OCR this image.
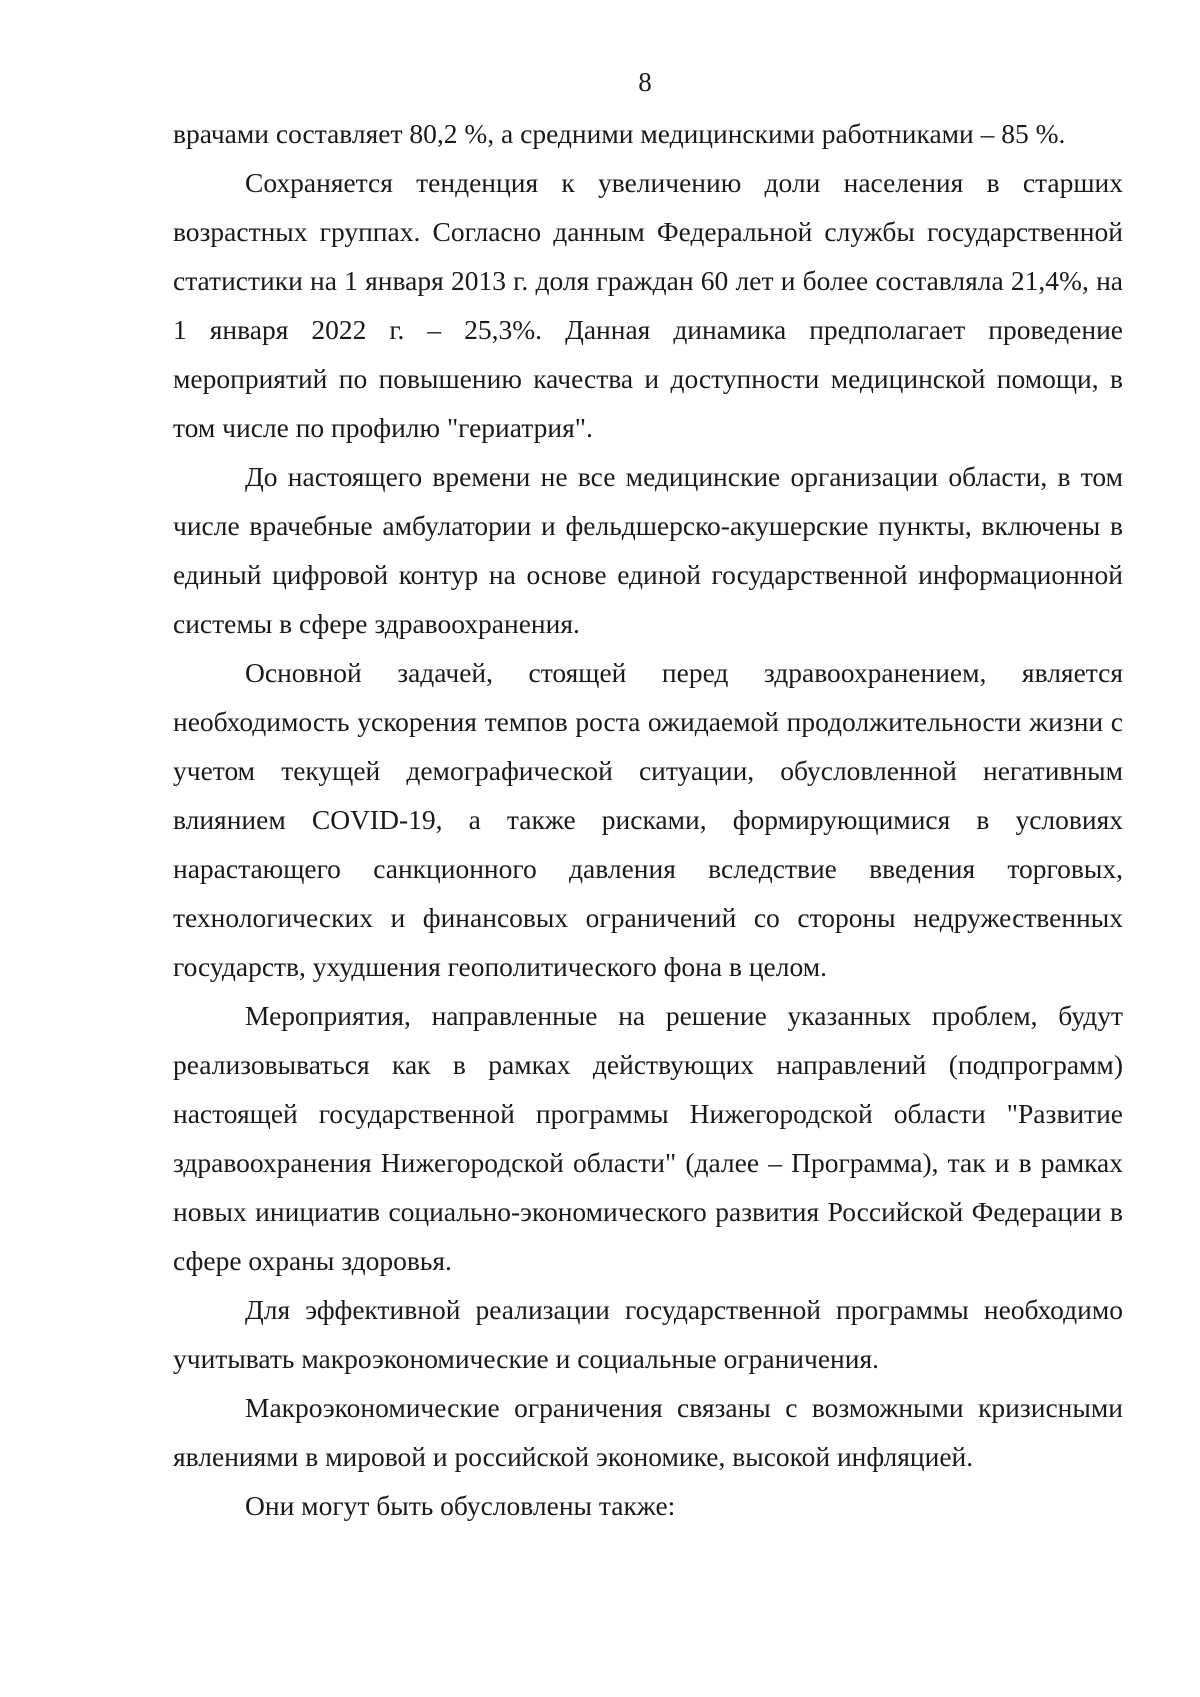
8

врачами составляет 80,2 %, а средними медицинскими работниками – 85 %.

Сохраняется тенденция к увеличению доли населения в старших возрастных группах. Согласно данным Федеральной службы государственной статистики на 1 января 2013 г. доля граждан 60 лет и более составляла 21,4%, на 1 января 2022 г. – 25,3%. Данная динамика предполагает проведение мероприятий по повышению качества и доступности медицинской помощи, в том числе по профилю "гериатрия".

До настоящего времени не все медицинские организации области, в том числе врачебные амбулатории и фельдшерско-акушерские пункты, включены в единый цифровой контур на основе единой государственной информационной системы в сфере здравоохранения.

Основной задачей, стоящей перед здравоохранением, является необходимость ускорения темпов роста ожидаемой продолжительности жизни с учетом текущей демографической ситуации, обусловленной негативным влиянием COVID-19, а также рисками, формирующимися в условиях нарастающего санкционного давления вследствие введения торговых, технологических и финансовых ограничений со стороны недружественных государств, ухудшения геополитического фона в целом.

Мероприятия, направленные на решение указанных проблем, будут реализовываться как в рамках действующих направлений (подпрограмм) настоящей государственной программы Нижегородской области "Развитие здравоохранения Нижегородской области" (далее – Программа), так и в рамках новых инициатив социально-экономического развития Российской Федерации в сфере охраны здоровья.

Для эффективной реализации государственной программы необходимо учитывать макроэкономические и социальные ограничения.

Макроэкономические ограничения связаны с возможными кризисными явлениями в мировой и российской экономике, высокой инфляцией.

Они могут быть обусловлены также:
